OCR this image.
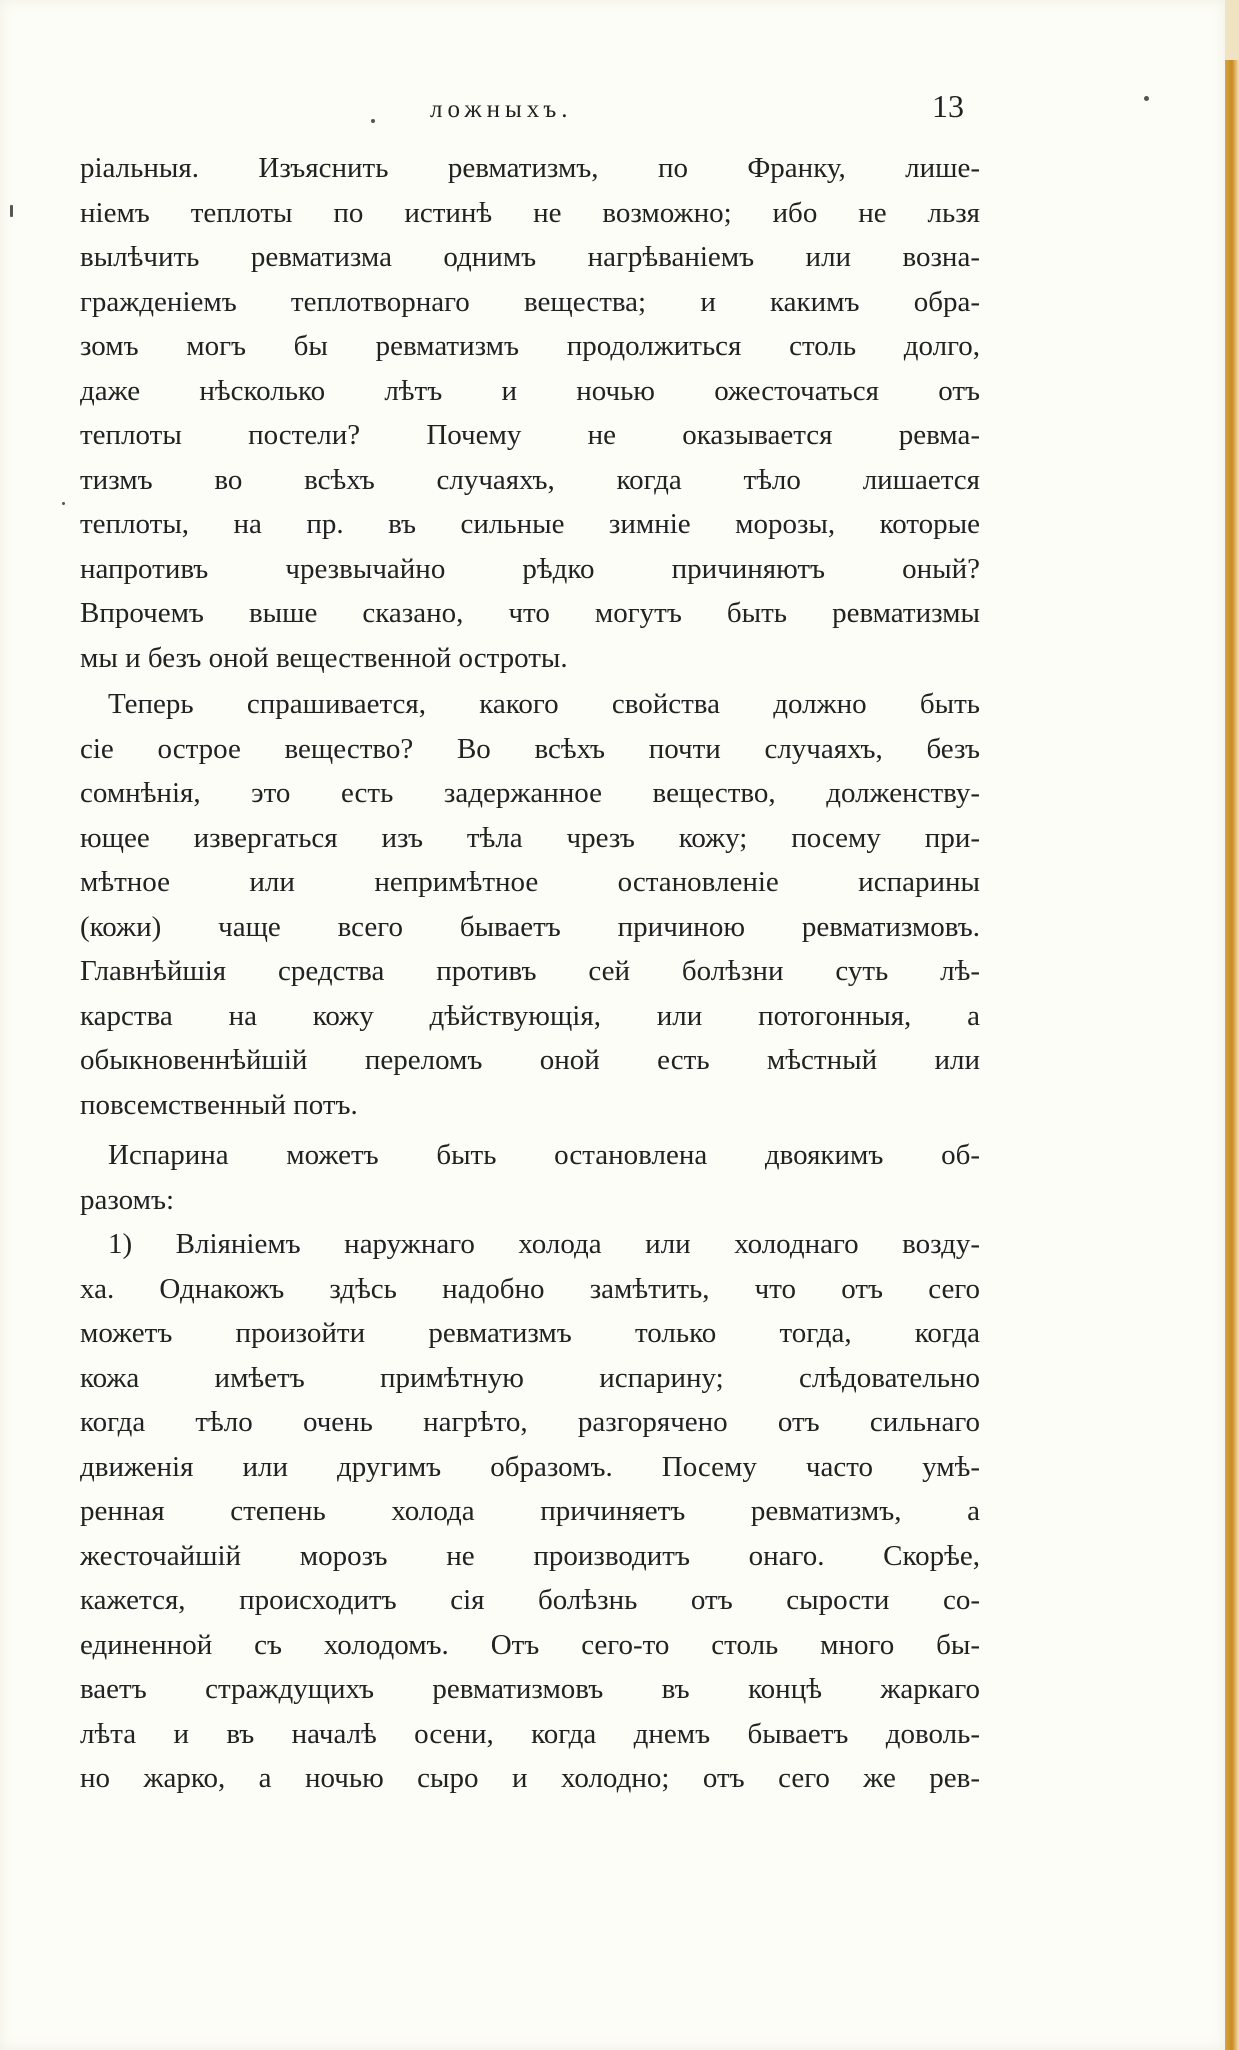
ложныхъ.	13
ріальныя. Изъяснить ревматизмъ, по Франку, лише-
ніемъ теплоты по истинѣ не возможно; ибо не льзя
вылѣчить ревматизма однимъ нагрѣваніемъ или возна-
гражденіемъ теплотворнаго вещества; и какимъ обра-
зомъ могъ бы ревматизмъ продолжиться столь долго,
даже нѣсколько лѣтъ и ночью ожесточаться отъ
теплоты постели? Почему не оказывается ревма-
тизмъ во всѣхъ случаяхъ, когда тѣло лишается
теплоты, на пр. въ сильные зимніе морозы, которые
напротивъ чрезвычайно рѣдко причиняютъ оный?
Впрочемъ выше сказано, что могутъ быть ревматизмы
мы и безъ оной вещественной остроты.
Теперь спрашивается, какого свойства должно быть
сіе острое вещество? Во всѣхъ почти случаяхъ, безъ
сомнѣнія, это есть задержанное вещество, долженству-
ющее извергаться изъ тѣла чрезъ кожу; посему при-
мѣтное или непримѣтное остановленіе испарины
(кожи) чаще всего бываетъ причиною ревматизмовъ.
Главнѣйшія средства противъ сей болѣзни суть лѣ-
карства на кожу дѣйствующія, или потогонныя, а
обыкновеннѣйшій переломъ оной есть мѣстный или
повсемственный потъ.
Испарина можетъ быть остановлена двоякимъ об-
разомъ:
1) Вліяніемъ наружнаго холода или холоднаго возду-
ха. Однакожъ здѣсь надобно замѣтить, что отъ сего
можетъ произойти ревматизмъ только тогда, когда
кожа имѣетъ примѣтную испарину; слѣдовательно
когда тѣло очень нагрѣто, разгорячено отъ сильнаго
движенія или другимъ образомъ. Посему часто умѣ-
ренная степень холода причиняетъ ревматизмъ, а
жесточайшій морозъ не производитъ онаго. Скорѣе,
кажется, происходитъ сія болѣзнь отъ сырости со-
единенной съ холодомъ. Отъ сего-то столь много бы-
ваетъ страждущихъ ревматизмовъ въ концѣ жаркаго
лѣта и въ началѣ осени, когда днемъ бываетъ доволь-
но жарко, а ночью сыро и холодно; отъ сего же рев-
